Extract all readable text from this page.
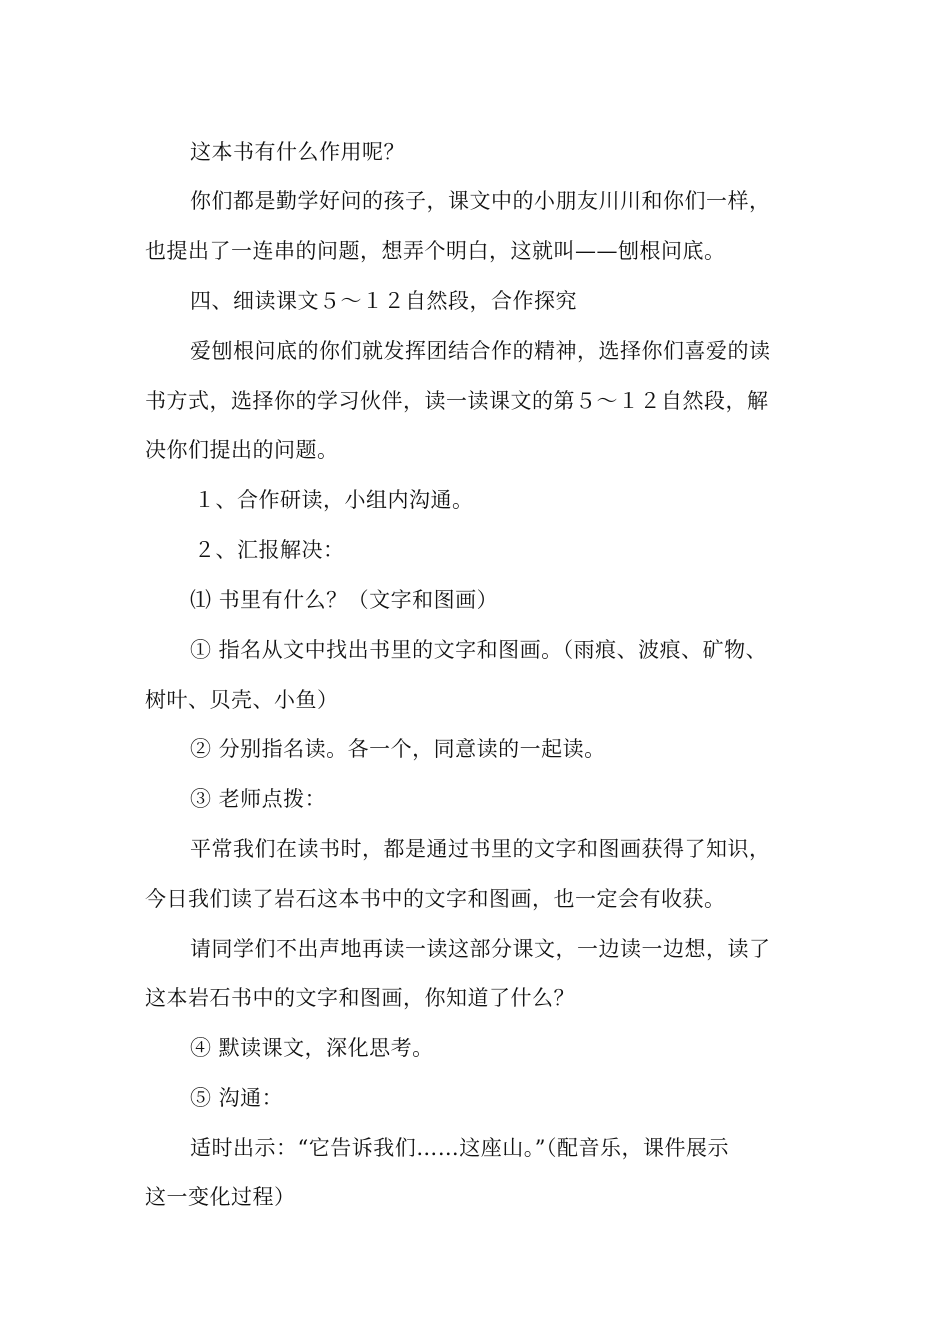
这本书有什么作用呢？
你们都是勤学好问的孩子，课文中的小朋友川川和你们一样，
也提出了一连串的问题，想弄个明白，这就叫——刨根问底。
四、细读课文５～１２自然段，合作探究
爱刨根问底的你们就发挥团结合作的精神，选择你们喜爱的读
书方式，选择你的学习伙伴，读一读课文的第５～１２自然段，解
决你们提出的问题。
１、合作研读，小组内沟通。
２、汇报解决：
⑴ 书里有什么？（文字和图画）
① 指名从文中找出书里的文字和图画。（雨痕、波痕、矿物、
树叶、贝壳、小鱼）
② 分别指名读。各一个，同意读的一起读。
③ 老师点拨：
平常我们在读书时，都是通过书里的文字和图画获得了知识，
今日我们读了岩石这本书中的文字和图画，也一定会有收获。
请同学们不出声地再读一读这部分课文，一边读一边想，读了
这本岩石书中的文字和图画，你知道了什么？
④ 默读课文，深化思考。
⑤ 沟通：
适时出示：“它告诉我们……这座山。”（配音乐，课件展示
这一变化过程）
